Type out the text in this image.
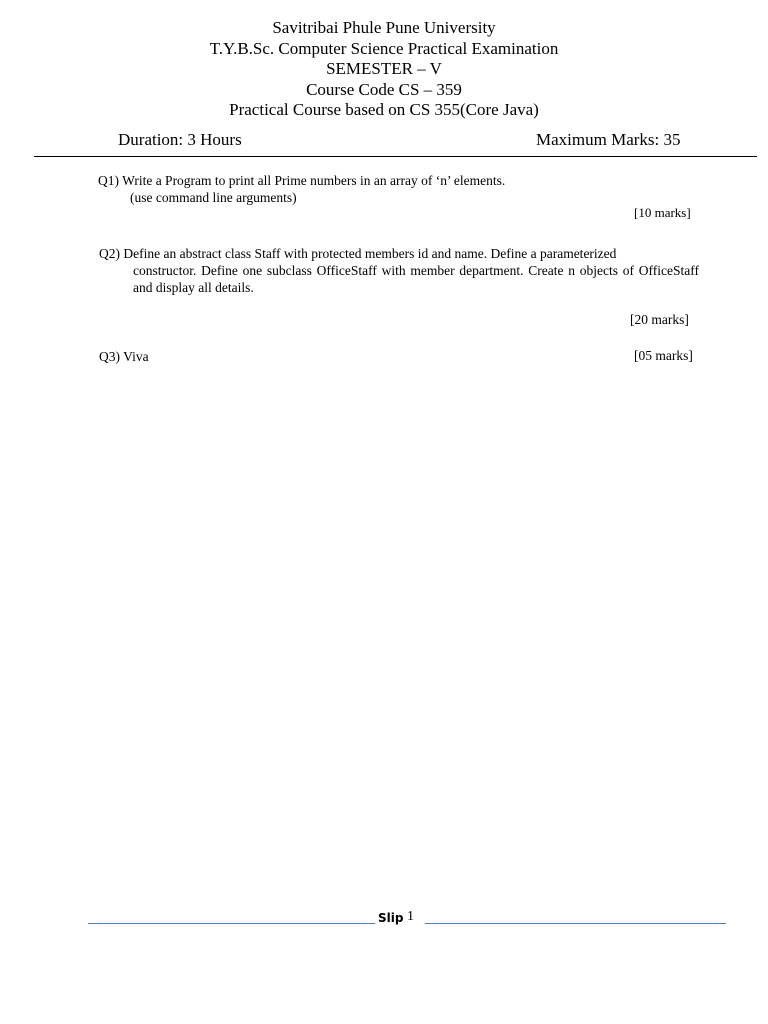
Savitribai Phule Pune University
T.Y.B.Sc. Computer Science Practical Examination
SEMESTER – V
Course Code CS – 359
Practical Course based on CS 355(Core Java)
Duration: 3 Hours	Maximum Marks: 35
Q1) Write a Program to print all Prime numbers in an array of ‘n’ elements.
(use command line arguments)
[10 marks]
Q2) Define an abstract class Staff with protected members id and name. Define a parameterized
constructor. Define one subclass OfficeStaff with member department. Create n objects of OfficeStaff and display all details.
[20 marks]
Q3) Viva	[05 marks]
Slip 1
